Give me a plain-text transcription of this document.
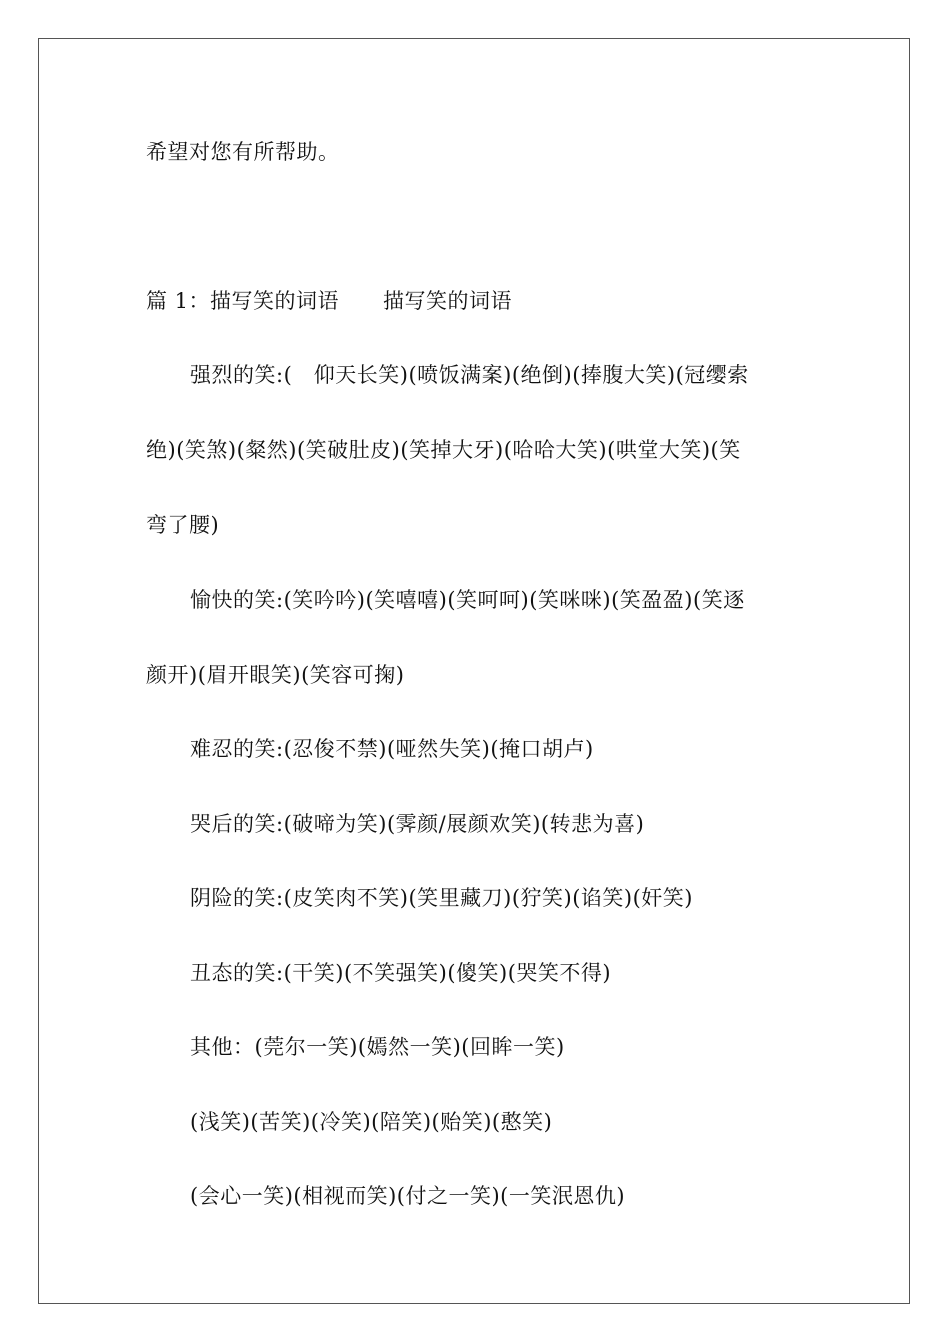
希望对您有所帮助。
篇 1：描写笑的词语 描写笑的词语
强烈的笑:(　仰天长笑)(喷饭满案)(绝倒)(捧腹大笑)(冠缨索
绝)(笑煞)(粲然)(笑破肚皮)(笑掉大牙)(哈哈大笑)(哄堂大笑)(笑
弯了腰)
愉快的笑:(笑吟吟)(笑嘻嘻)(笑呵呵)(笑咪咪)(笑盈盈)(笑逐
颜开)(眉开眼笑)(笑容可掬)
难忍的笑:(忍俊不禁)(哑然失笑)(掩口胡卢)
哭后的笑:(破啼为笑)(霁颜/展颜欢笑)(转悲为喜)
阴险的笑:(皮笑肉不笑)(笑里藏刀)(狞笑)(谄笑)(奸笑)
丑态的笑:(干笑)(不笑强笑)(傻笑)(哭笑不得)
其他：(莞尔一笑)(嫣然一笑)(回眸一笑)
(浅笑)(苦笑)(冷笑)(陪笑)(贻笑)(憨笑)
(会心一笑)(相视而笑)(付之一笑)(一笑泯恩仇)
